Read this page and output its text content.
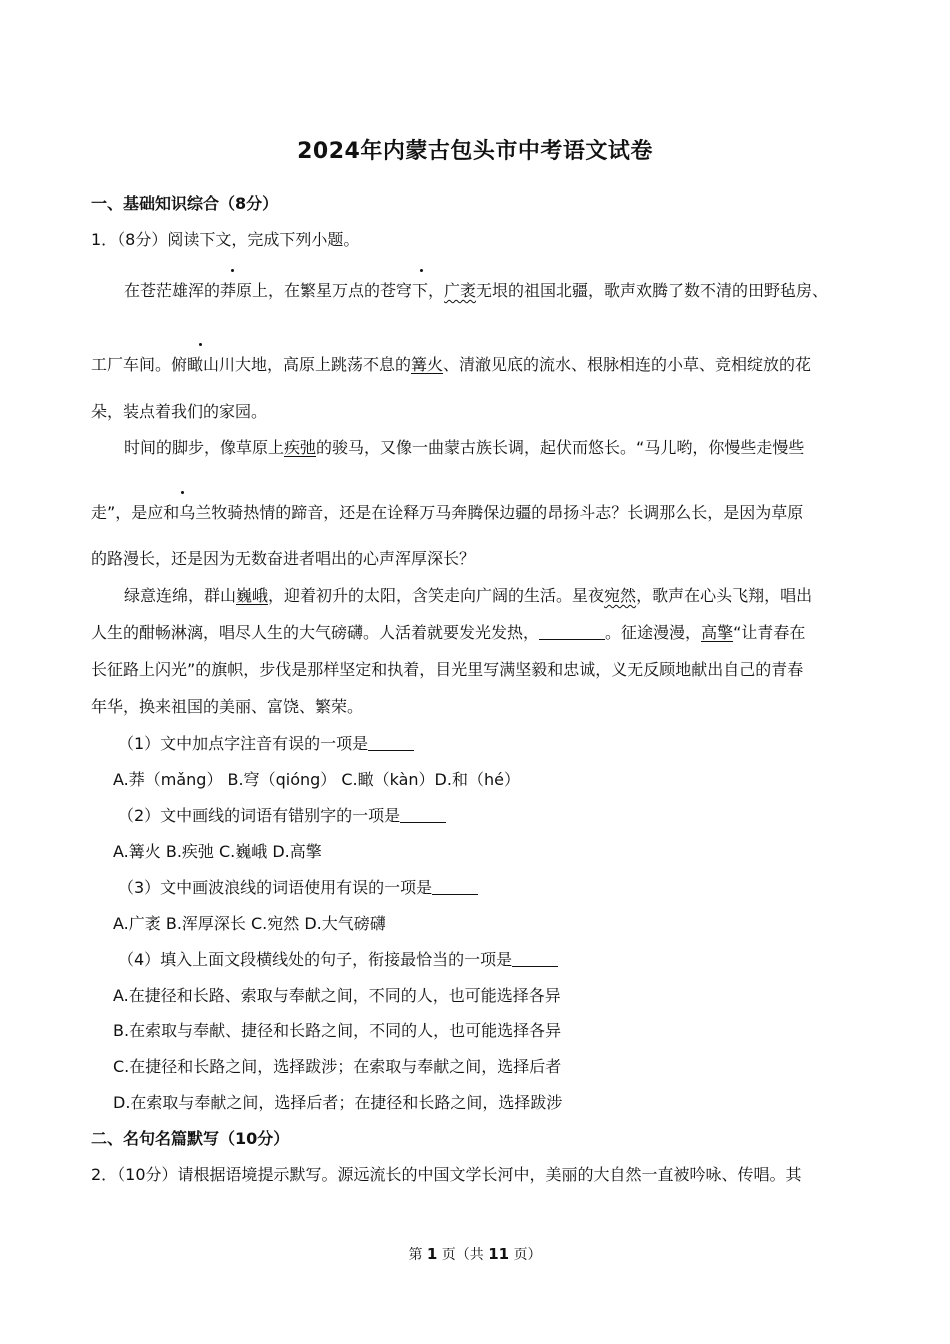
2024年内蒙古包头市中考语文试卷
一、基础知识综合（8分）
1．（8分）阅读下文，完成下列小题。
在苍茫雄浑的莽原上，在繁星万点的苍穹下，广袤无垠的祖国北疆，歌声欢腾了数不清的田野毡房、
工厂车间。俯瞰山川大地，高原上跳荡不息的篝火、清澈见底的流水、根脉相连的小草、竞相绽放的花
朵，装点着我们的家园。
时间的脚步，像草原上疾弛的骏马，又像一曲蒙古族长调，起伏而悠长。“马儿哟，你慢些走慢些
走”，是应和乌兰牧骑热情的蹄音，还是在诠释万马奔腾保边疆的昂扬斗志？长调那么长，是因为草原
的路漫长，还是因为无数奋进者唱出的心声浑厚深长？
绿意连绵，群山巍峨，迎着初升的太阳，含笑走向广阔的生活。星夜宛然，歌声在心头飞翔，唱出
人生的酣畅淋漓，唱尽人生的大气磅礴。人活着就要发光发热，	。征途漫漫，高擎“让青春在
长征路上闪光”的旗帜，步伐是那样坚定和执着，目光里写满坚毅和忠诚，义无反顾地献出自己的青春
年华，换来祖国的美丽、富饶、繁荣。
（1）文中加点字注音有误的一项是
A.莽（mǎng） B.穹（qióng） C.瞰（kàn）D.和（hé）
（2）文中画线的词语有错别字的一项是
A.篝火 B.疾弛 C.巍峨 D.高擎
（3）文中画波浪线的词语使用有误的一项是
A.广袤 B.浑厚深长 C.宛然 D.大气磅礴
（4）填入上面文段横线处的句子，衔接最恰当的一项是
A.在捷径和长路、索取与奉献之间，不同的人，也可能选择各异
B.在索取与奉献、捷径和长路之间，不同的人，也可能选择各异
C.在捷径和长路之间，选择跋涉；在索取与奉献之间，选择后者
D.在索取与奉献之间，选择后者；在捷径和长路之间，选择跋涉
二、名句名篇默写（10分）
2．（10分）请根据语境提示默写。源远流长的中国文学长河中，美丽的大自然一直被吟咏、传唱。其
第 1 页（共 11 页）
